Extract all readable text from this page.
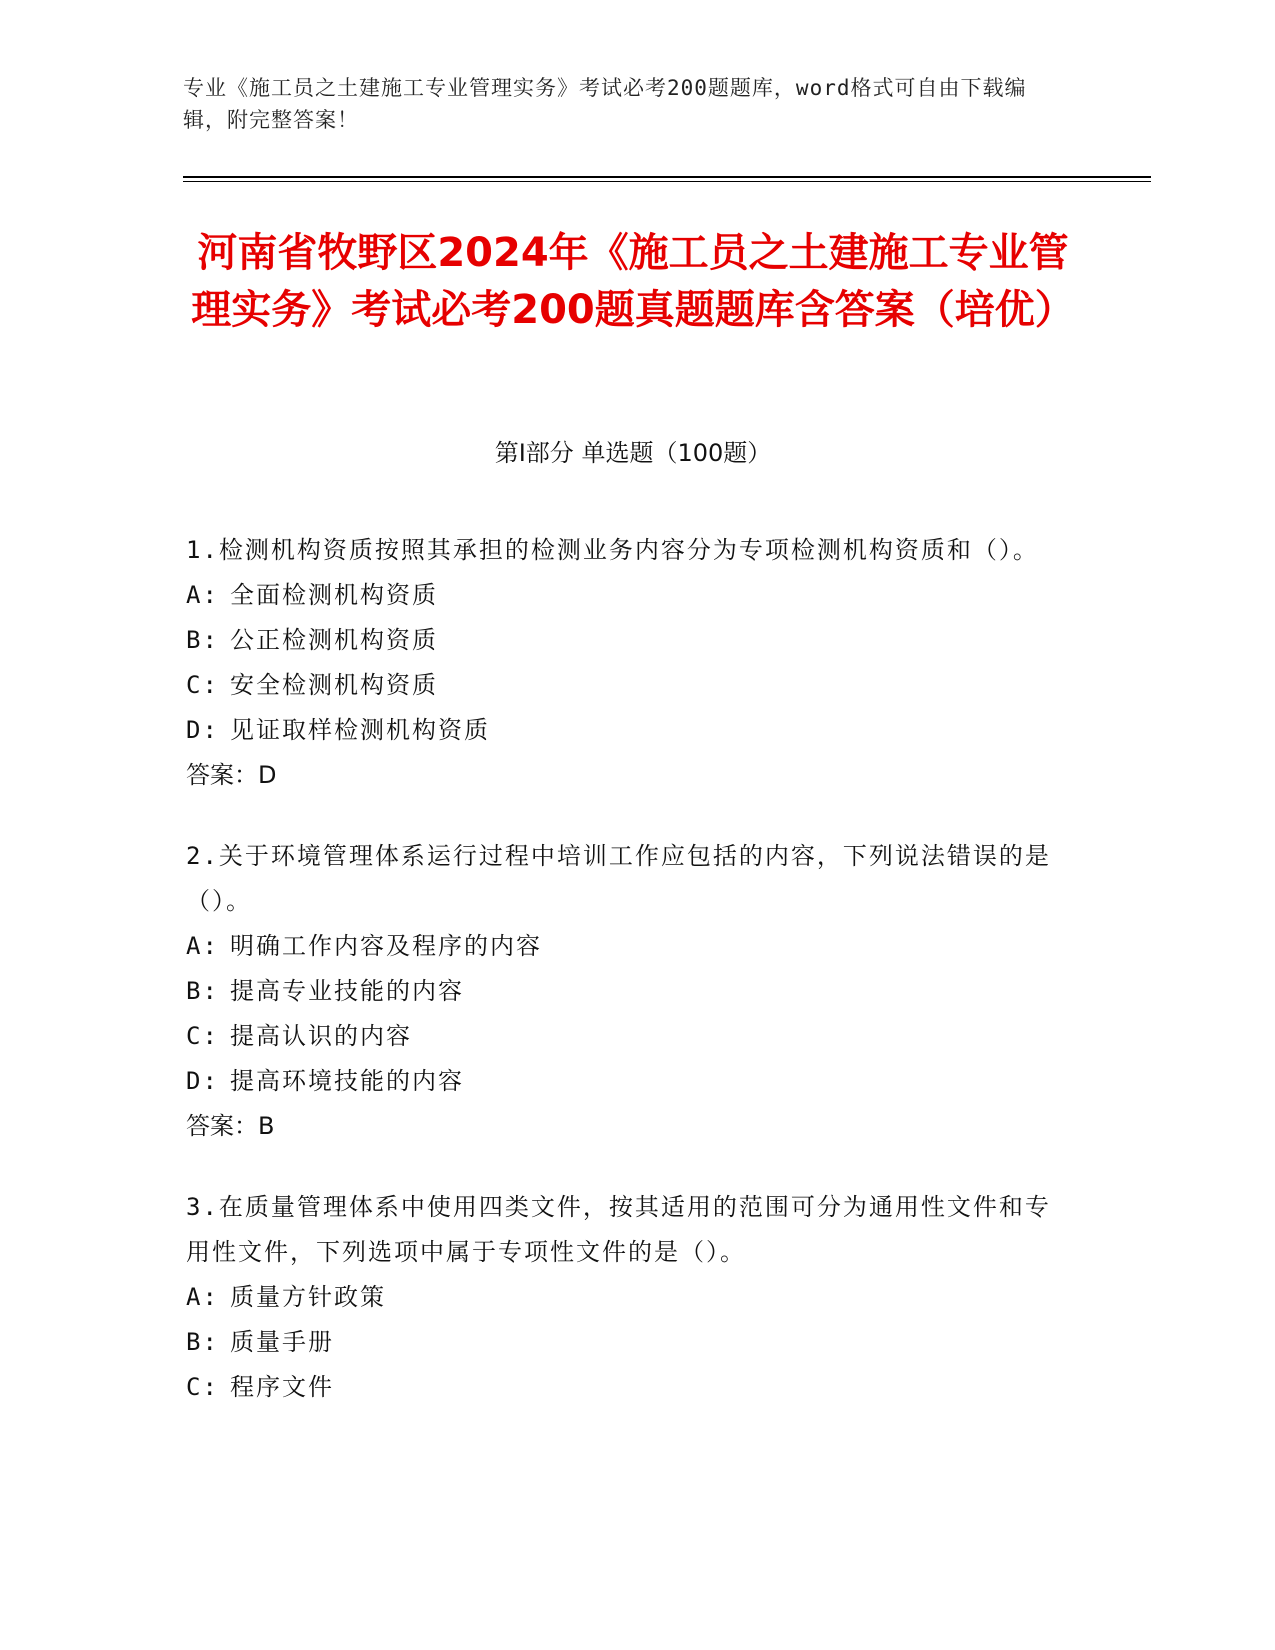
专业《施工员之土建施工专业管理实务》考试必考200题题库，word格式可自由下载编辑，附完整答案！
河南省牧野区2024年《施工员之土建施工专业管理实务》考试必考200题真题题库含答案（培优）
第Ⅰ部分 单选题（100题）

1.检测机构资质按照其承担的检测业务内容分为专项检测机构资质和（）。

A: 全面检测机构资质

B: 公正检测机构资质

C: 安全检测机构资质

D: 见证取样检测机构资质

答案：D

2.关于环境管理体系运行过程中培训工作应包括的内容，下列说法错误的是（）。

A: 明确工作内容及程序的内容

B: 提高专业技能的内容

C: 提高认识的内容

D: 提高环境技能的内容

答案：B

3.在质量管理体系中使用四类文件，按其适用的范围可分为通用性文件和专用性文件，下列选项中属于专项性文件的是（）。

A: 质量方针政策

B: 质量手册

C: 程序文件
